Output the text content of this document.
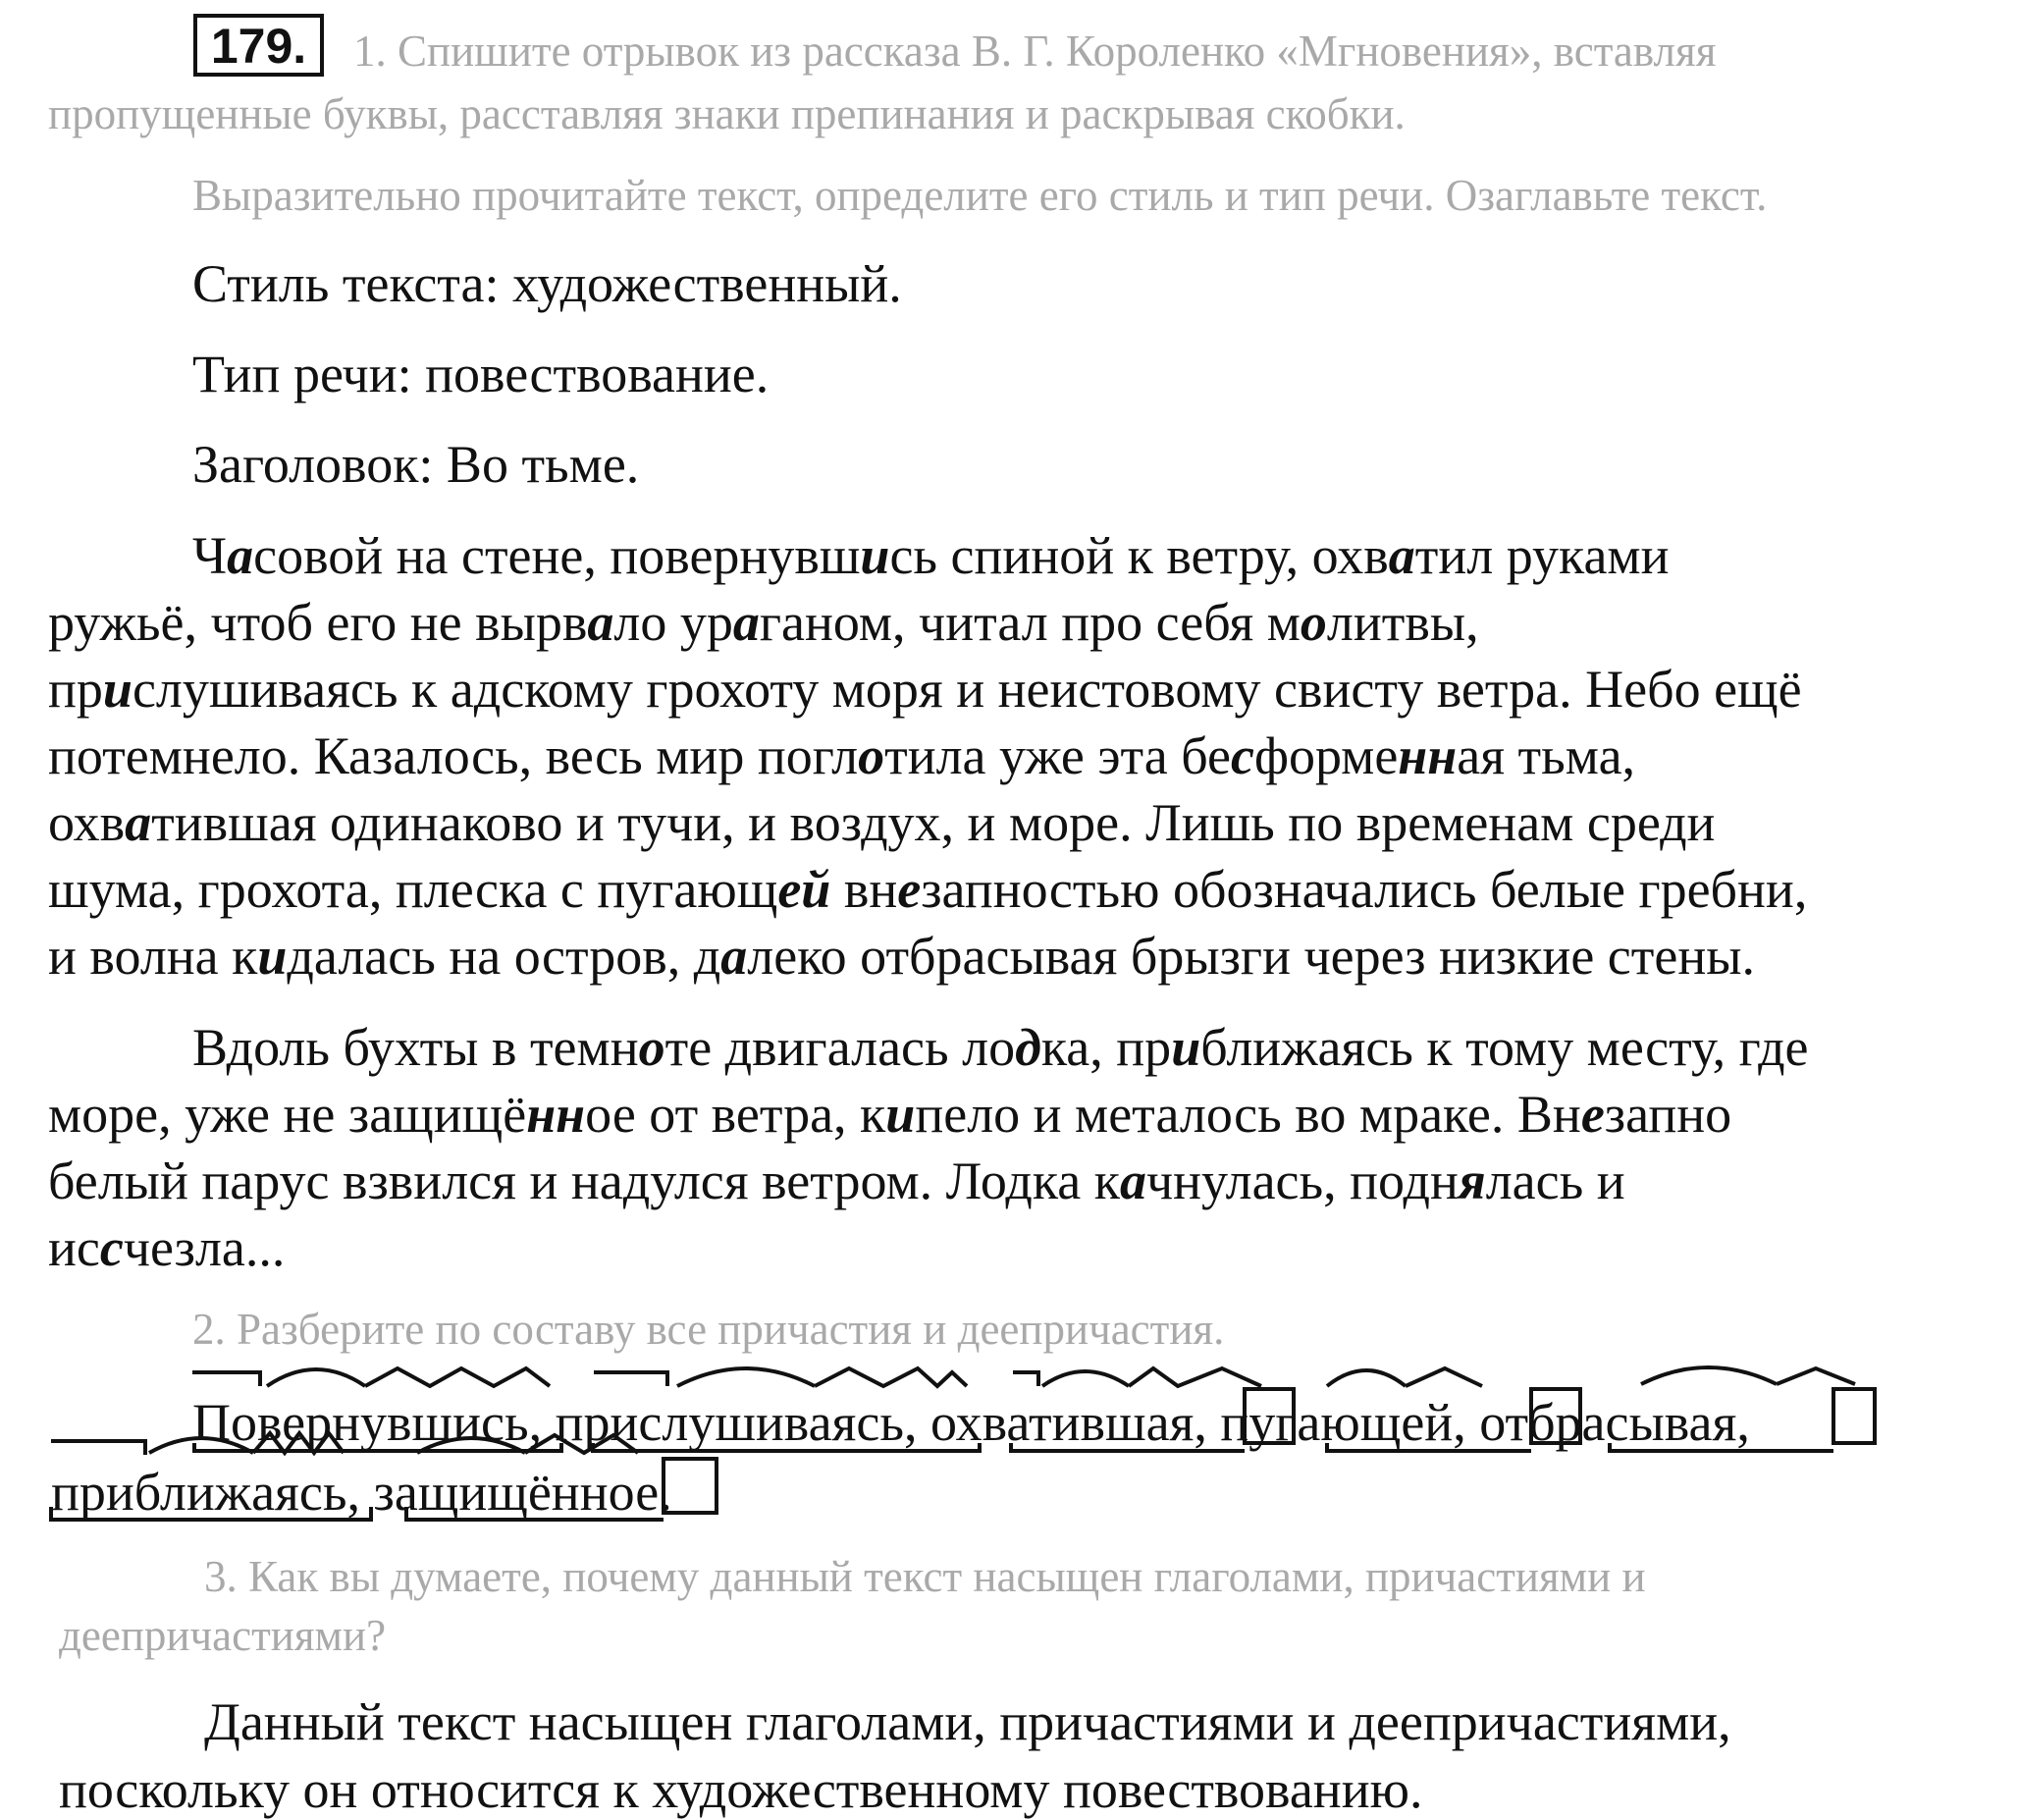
179.	1. Спишите отрывок из рассказа В. Г. Короленко «Мгновения», вставляя
пропущенные буквы, расставляя знаки препинания и раскрывая скобки.
Выразительно прочитайте текст, определите его стиль и тип речи. Озаглавьте текст.
Стиль текста: художественный.
Тип речи: повествование.
Заголовок: Во тьме.
Часовой на стене, повернувшись спиной к ветру, охватил руками
ружьё, чтоб его не вырвало ураганом, читал про себя молитвы,
прислушиваясь к адскому грохоту моря и неистовому свисту ветра. Небо ещё
потемнело. Казалось, весь мир поглотила уже эта бесформенная тьма,
охватившая одинаково и тучи, и воздух, и море. Лишь по временам среди
шума, грохота, плеска с пугающей внезапностью обозначались белые гребни,
и волна кидалась на остров, далеко отбрасывая брызги через низкие стены.
Вдоль бухты в темноте двигалась лодка, приближаясь к тому месту, где
море, уже не защищённое от ветра, кипело и металось во мраке. Внезапно
белый парус взвился и надулся ветром. Лодка качнулась, поднялась и
иссчезла...
2. Разберите по составу все причастия и деепричастия.
Повернувшись, прислушиваясь, охватившая, пугающей, отбрасывая,
приближаясь, защищённое.
3. Как вы думаете, почему данный текст насыщен глаголами, причастиями и
деепричастиями?
Данный текст насыщен глаголами, причастиями и деепричастиями,
поскольку он относится к художественному повествованию.
